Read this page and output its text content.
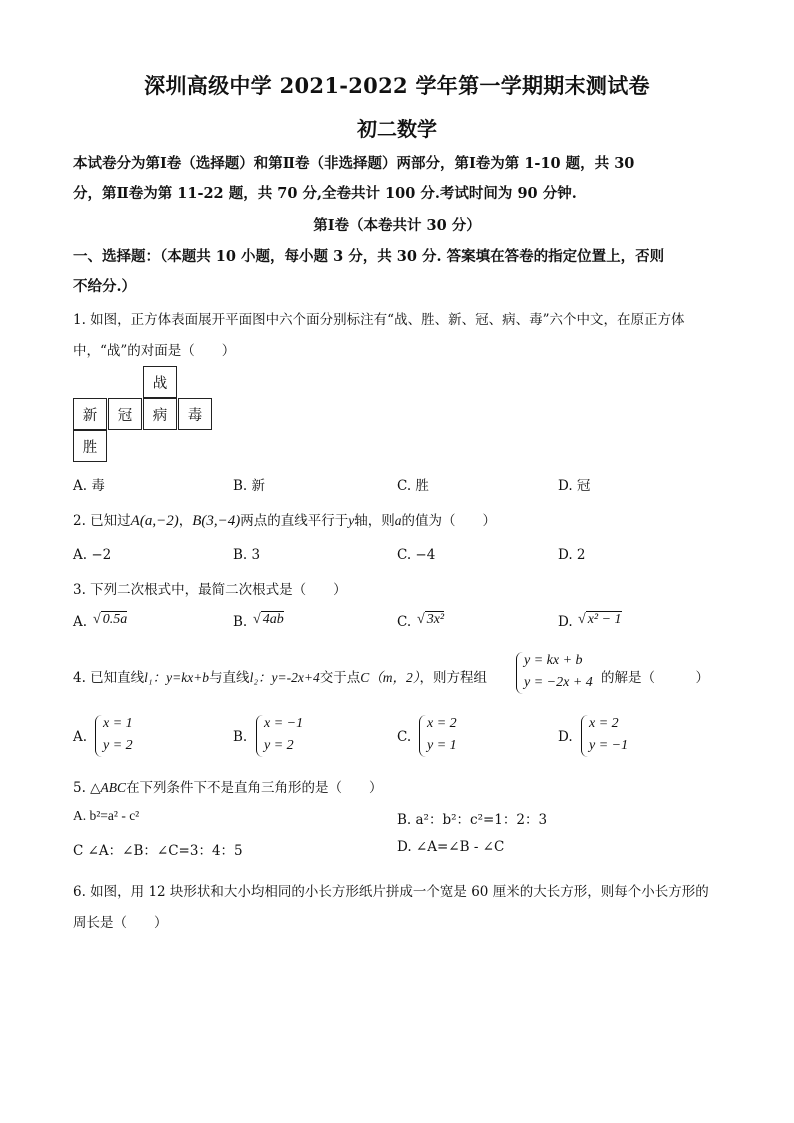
深圳高级中学 2021-2022 学年第一学期期末测试卷
初二数学
本试卷分为第Ⅰ卷（选择题）和第Ⅱ卷（非选择题）两部分，第Ⅰ卷为第 1-10 题，共 30
分，第Ⅱ卷为第 11-22 题，共 70 分,全卷共计 100 分.考试时间为 90 分钟.
第Ⅰ卷（本卷共计 30 分）
一、选择题：（本题共 10 小题，每小题 3 分，共 30 分. 答案填在答卷的指定位置上，否则
不给分.）
1. 如图，正方体表面展开平面图中六个面分别标注有“战、胜、新、冠、病、毒”六个中文，在原正方体
中，“战”的对面是（　　）
战
新	冠	病	毒
胜
A. 毒	B. 新	C. 胜	D. 冠
2. 已知过A(a,−2)，B(3,−4)两点的直线平行于y轴，则a的值为（　　）
A. −2	B. 3	C. −4	D. 2
3. 下列二次根式中，最简二次根式是（　　）
A. √ 0.5a	B. √ 4ab	C. √ 3x²	D. √ x² − 1
4. 已知直线l₁：y=kx+b与直线l₂：y=-2x+4交于点C（m，2），则方程组
y = kx + b
y = −2x + 4 的解是（　　　）
A.
x = 1
y = 2
B.
x = −1
y = 2
C.
x = 2
y = 1
D.
x = 2
y = −1
5. △ABC在下列条件下不是直角三角形的是（　　）
A. b²=a² - c²	B. a²：b²：c²=1：2：3
C ∠A：∠B：∠C=3：4：5	D. ∠A=∠B - ∠C
6. 如图，用 12 块形状和大小均相同的小长方形纸片拼成一个宽是 60 厘米的大长方形，则每个小长方形的
周长是（　　）
